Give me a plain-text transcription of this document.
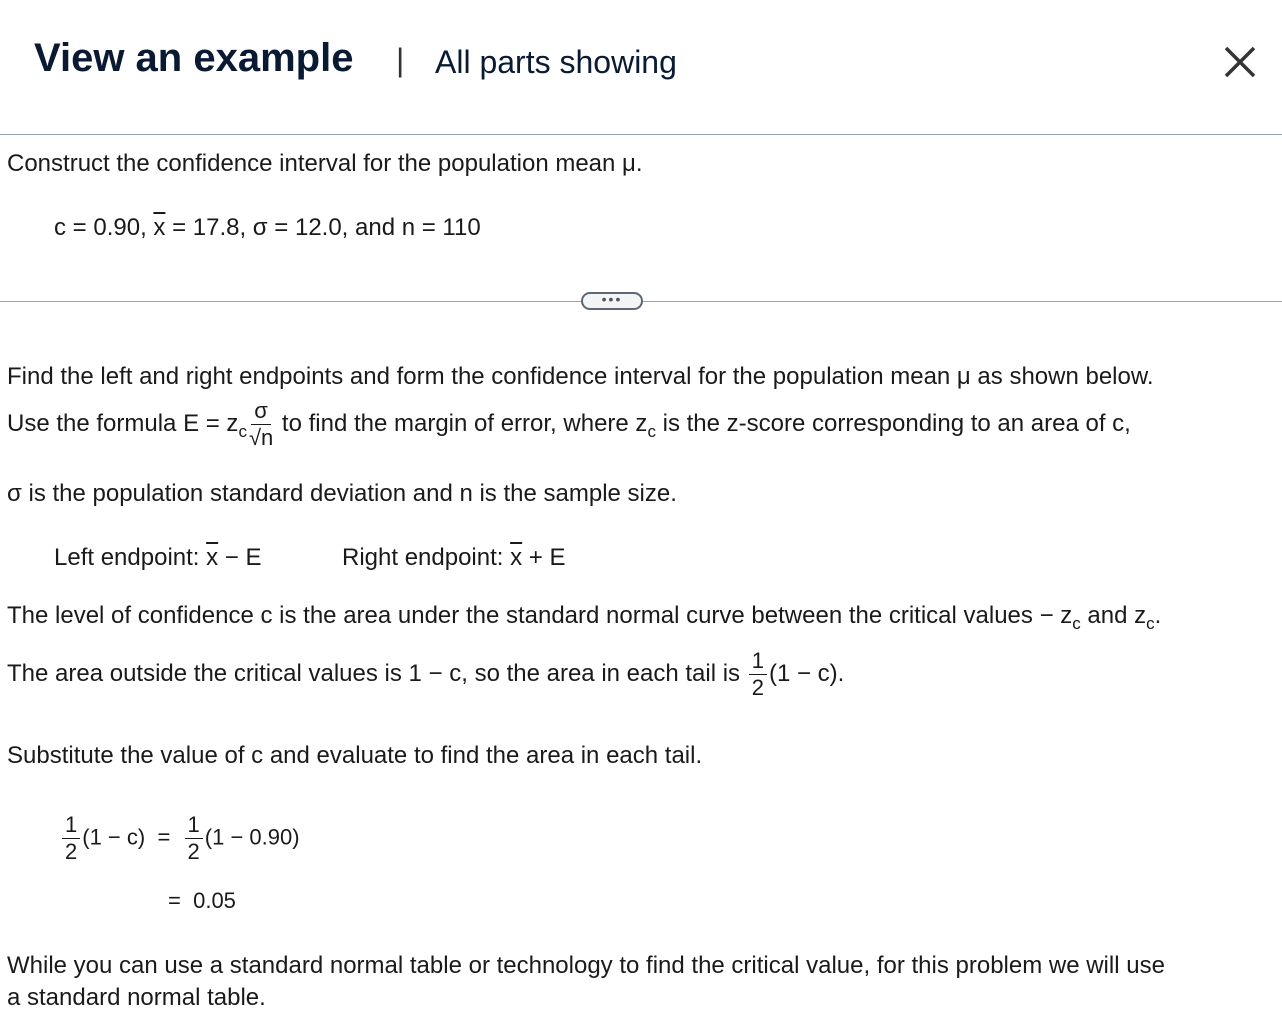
View an example | All parts showing
Construct the confidence interval for the population mean μ.
c = 0.90, $\overline{x} = 17.8$, σ = 12.0, and n = 110
•••
Find the left and right endpoints and form the confidence interval for the population mean μ as shown below.
Use the formula $E = z_c \frac{\sigma}{√n}$ to find the margin of error, where $z_c$ is the z-score corresponding to an area of c,
σ is the population standard deviation and n is the sample size.
Left endpoint: $\overline{x} - E$	Right endpoint: $\overline{x} + E$
The level of confidence c is the area under the standard normal curve between the critical values − $z_c$ and $z_c$.
The area outside the critical values is 1 − c, so the area in each tail is $\frac{1}{2} (1 - c)$.
Substitute the value of c and evaluate to find the area in each tail.
$\frac{1}{2} (1 - c) = \frac{1}{2} (1 - 0.90)$
= 0.05
While you can use a standard normal table or technology to find the critical value, for this problem we will use
a standard normal table.
